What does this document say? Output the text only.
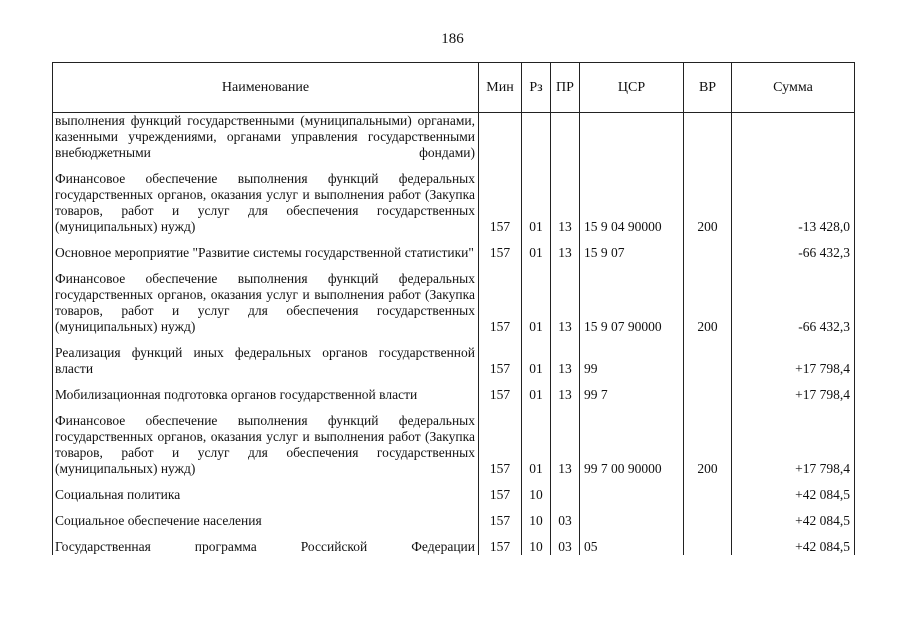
186
Наименование	Мин	Рз	ПР	ЦСР	ВР	Сумма
выполнения функций государственными (муниципальными) органами, казенными учреждениями, органами управления государственными внебюджетными фондами)						

Финансовое обеспечение выполнения функций федеральных государственных органов, оказания услуг и выполнения работ (Закупка товаров, работ и услуг для обеспечения государственных (муниципальных) нужд)	157	01	13	15 9 04 90000	200	-13 428,0

Основное мероприятие "Развитие системы государственной статистики"	157	01	13	15 9 07		-66 432,3

Финансовое обеспечение выполнения функций федеральных государственных органов, оказания услуг и выполнения работ (Закупка товаров, работ и услуг для обеспечения государственных (муниципальных) нужд)	157	01	13	15 9 07 90000	200	-66 432,3

Реализация функций иных федеральных органов государственной власти	157	01	13	99		+17 798,4

Мобилизационная подготовка органов государственной власти	157	01	13	99 7		+17 798,4

Финансовое обеспечение выполнения функций федеральных государственных органов, оказания услуг и выполнения работ (Закупка товаров, работ и услуг для обеспечения государственных (муниципальных) нужд)	157	01	13	99 7 00 90000	200	+17 798,4

Социальная политика	157	10				+42 084,5

Социальное обеспечение населения	157	10	03			+42 084,5

Государственная программа Российской Федерации	157	10	03	05		+42 084,5
